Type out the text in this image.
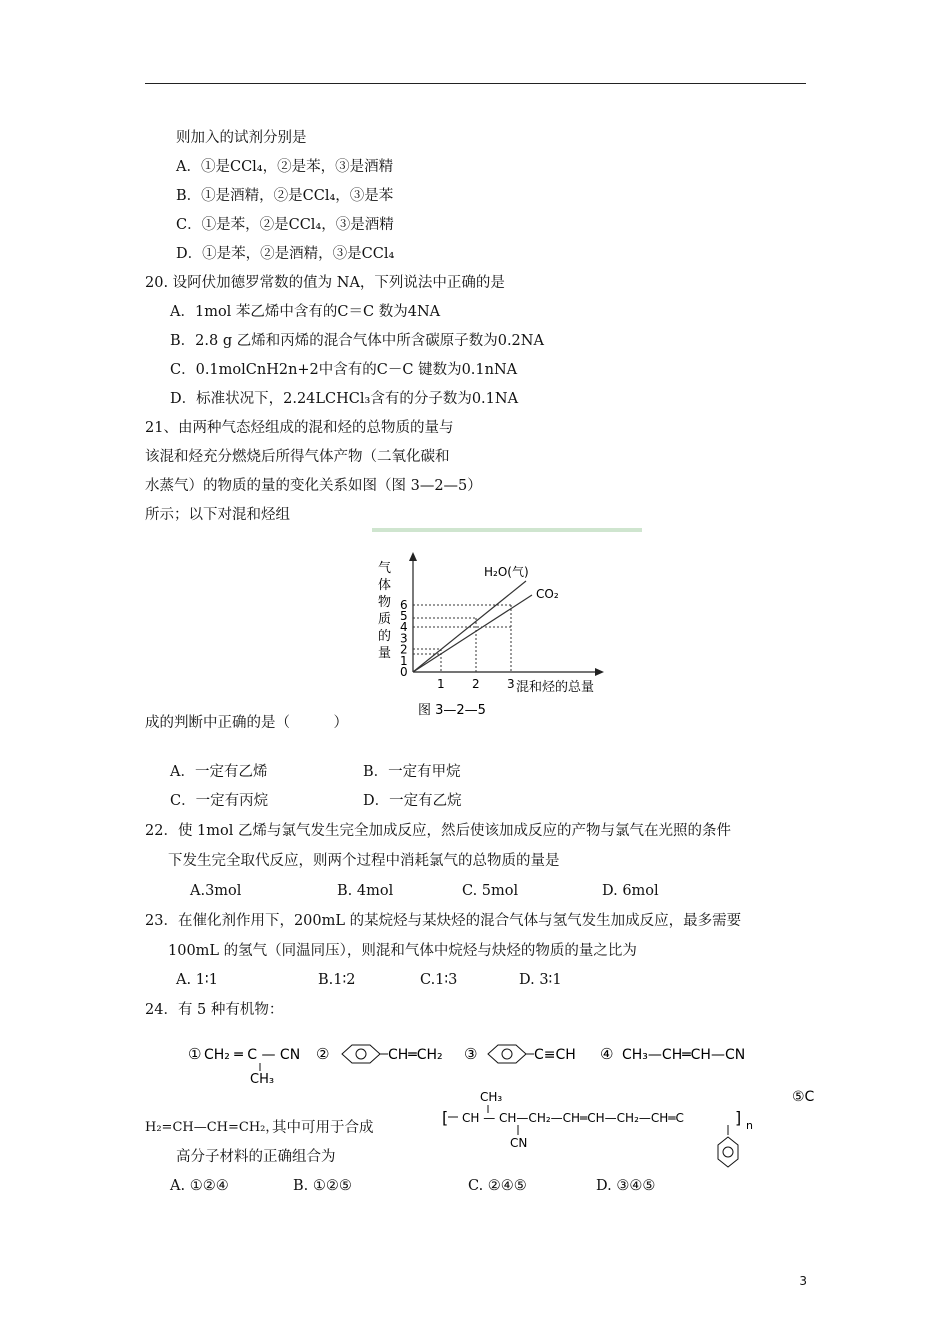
则加入的试剂分别是
A．①是CCl₄，②是苯，③是酒精
B．①是酒精，②是CCl₄，③是苯
C．①是苯，②是CCl₄，③是酒精
D．①是苯，②是酒精，③是CCl₄
20. 设阿伏加德罗常数的值为 NA，下列说法中正确的是
A．1mol 苯乙烯中含有的C＝C 数为4NA
B．2.8 g 乙烯和丙烯的混合气体中所含碳原子数为0.2NA
C．0.1molCnH2n+2中含有的C－C 键数为0.1nNA
D．标准状况下，2.24LCHCl₃含有的分子数为0.1NA
21、由两种气态烃组成的混和烃的总物质的量与
该混和烃充分燃烧后所得气体产物（二氧化碳和
水蒸气）的物质的量的变化关系如图（图 3—2—5）
所示；以下对混和烃组
气体物质的量
0
1
2
3
4
5
6
1 2 3
H₂O(气)
CO₂
混和烃的总量
图 3—2—5
成的判断中正确的是（　　　）
A．一定有乙烯	B．一定有甲烷
C．一定有丙烷	D．一定有乙烷
22．使 1mol 乙烯与氯气发生完全加成反应，然后使该加成反应的产物与氯气在光照的条件
下发生完全取代反应，则两个过程中消耗氯气的总物质的量是
A.3mol	B. 4mol	C. 5mol	D. 6mol
23．在催化剂作用下，200mL 的某烷烃与某炔烃的混合气体与氢气发生加成反应，最多需要
100mL 的氢气（同温同压），则混和气体中烷烃与炔烃的物质的量之比为
A. 1∶1	B.1∶2	C.1∶3	D. 3∶1
24．有 5 种有机物：
① CH₂ ═ C — CN
CH₃
②	CH═CH₂ ③	C≡CH ④ CH₃—CH═CH—CN
⑤C
CH₃
[ CH — CH—CH₂—CH═CH—CH₂—CH═C
CN
] n
H₂=CH—CH=CH₂，
其中可用于合成
高分子材料的正确组合为
A. ①②④	B. ①②⑤	C. ②④⑤	D. ③④⑤
3
